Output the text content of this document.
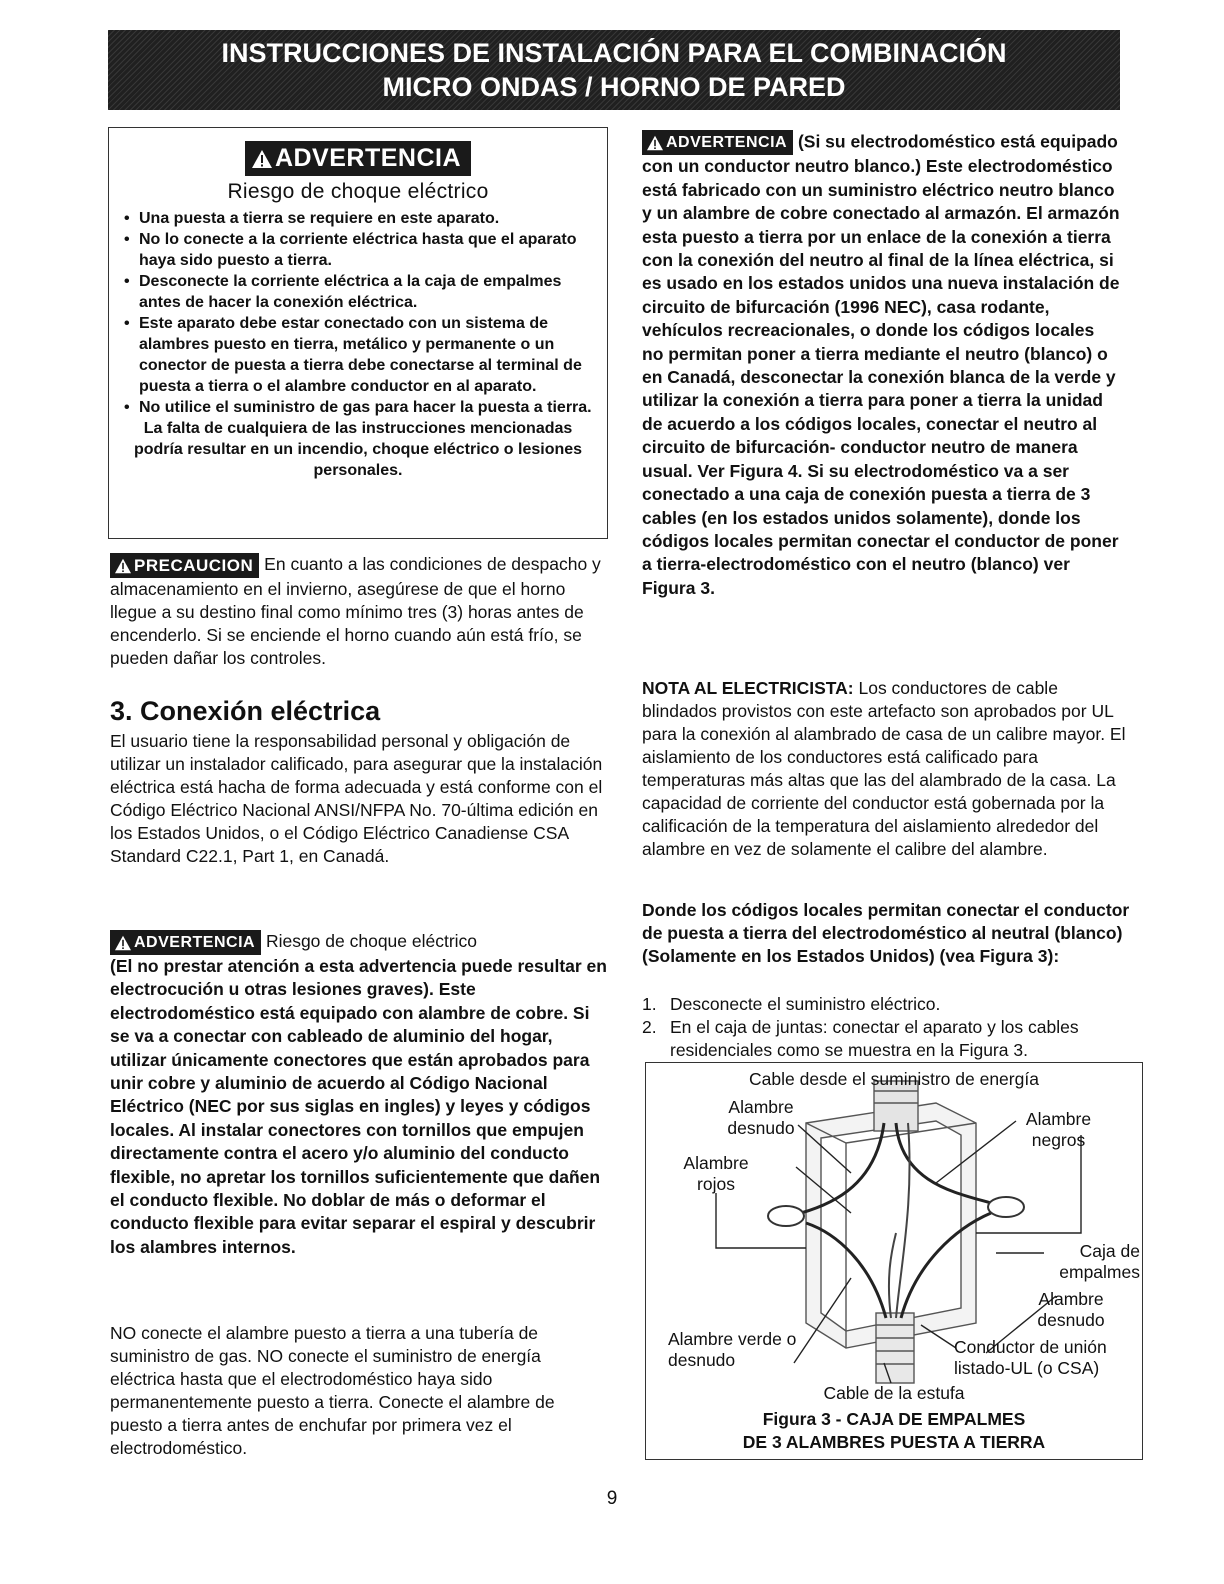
INSTRUCCIONES DE INSTALACIÓN PARA EL COMBINACIÓN
MICRO ONDAS / HORNO DE PARED
ADVERTENCIA
Riesgo de choque eléctrico
• Una puesta a tierra se requiere en este aparato.
• No lo conecte a la corriente eléctrica hasta que el aparato haya sido puesto a tierra.
• Desconecte la corriente eléctrica a la caja de empalmes antes de hacer la conexión eléctrica.
• Este aparato debe estar conectado con un sistema de alambres puesto en tierra, metálico y permanente o un conector de puesta a tierra debe conectarse al terminal de puesta a tierra o el alambre conductor en al aparato.
• No utilice el suministro de gas para hacer la puesta a tierra.
La falta de cualquiera de las instrucciones mencionadas podría resultar en un incendio, choque eléctrico o lesiones personales.
PRECAUCION En cuanto a las condiciones de despacho y almacenamiento en el invierno, asegúrese de que el horno llegue a su destino final como mínimo tres (3) horas antes de encenderlo. Si se enciende el horno cuando aún está frío, se pueden dañar los controles.
3. Conexión eléctrica
El usuario tiene la responsabilidad personal y obligación de utilizar un instalador calificado, para asegurar que la instalación eléctrica está hacha de forma adecuada y está conforme con el Código Eléctrico Nacional ANSI/NFPA No. 70-última edición en los Estados Unidos, o el Código Eléctrico Canadiense CSA Standard C22.1, Part 1, en Canadá.
ADVERTENCIA Riesgo de choque eléctrico
(El no prestar atención a esta advertencia puede resultar en electrocución u otras lesiones graves). Este electrodoméstico está equipado con alambre de cobre. Si se va a conectar con cableado de aluminio del hogar, utilizar únicamente conectores que están aprobados para unir cobre y aluminio de acuerdo al Código Nacional Eléctrico (NEC por sus siglas en ingles) y leyes y códigos locales. Al instalar conectores con tornillos que empujen directamente contra el acero y/o aluminio del conducto flexible, no apretar los tornillos suficientemente que dañen el conducto flexible. No doblar de más o deformar el conducto flexible para evitar separar el espiral y descubrir los alambres internos.
NO conecte el alambre puesto a tierra a una tubería de suministro de gas. NO conecte el suministro de energía eléctrica hasta que el electrodoméstico haya sido permanentemente puesto a tierra. Conecte el alambre de puesto a tierra antes de enchufar por primera vez el electrodoméstico.
ADVERTENCIA (Si su electrodoméstico está equipado con un conductor neutro blanco.) Este electrodoméstico está fabricado con un suministro eléctrico neutro blanco y un alambre de cobre conectado al armazón. El armazón esta puesto a tierra por un enlace de la conexión a tierra con la conexión del neutro al final de la línea eléctrica, si es usado en los estados unidos una nueva instalación de circuito de bifurcación (1996 NEC), casa rodante, vehículos recreacionales, o donde los códigos locales no permitan poner a tierra mediante el neutro (blanco) o en Canadá, desconectar la conexión blanca de la verde y utilizar la conexión a tierra para poner a tierra la unidad de acuerdo a los códigos locales, conectar el neutro al circuito de bifurcación- conductor neutro de manera usual. Ver Figura 4. Si su electrodoméstico va a ser conectado a una caja de conexión puesta a tierra de 3 cables (en los estados unidos solamente), donde los códigos locales permitan conectar el conductor de poner a tierra-electrodoméstico con el neutro (blanco) ver Figura 3.
NOTA AL ELECTRICISTA: Los conductores de cable blindados provistos con este artefacto son aprobados por UL para la conexión al alambrado de casa de un calibre mayor. El aislamiento de los conductores está calificado para temperaturas más altas que las del alambrado de la casa. La capacidad de corriente del conductor está gobernada por la calificación de la temperatura del aislamiento alrededor del alambre en vez de solamente el calibre del alambre.
Donde los códigos locales permitan conectar el conductor de puesta a tierra del electrodoméstico al neutral (blanco) (Solamente en los Estados Unidos) (vea Figura 3):
1. Desconecte el suministro eléctrico.
2. En el caja de juntas: conectar el aparato y los cables residenciales como se muestra en la Figura 3.
Cable desde el suministro de energía
Alambre desnudo	Alambre negros
Alambre rojos
Caja de empalmes
Alambre desnudo
Alambre verde o desnudo
Conductor de unión listado-UL (o CSA)
Cable de la estufa
Figura 3 - CAJA DE EMPALMES
DE 3 ALAMBRES PUESTA A TIERRA
9
